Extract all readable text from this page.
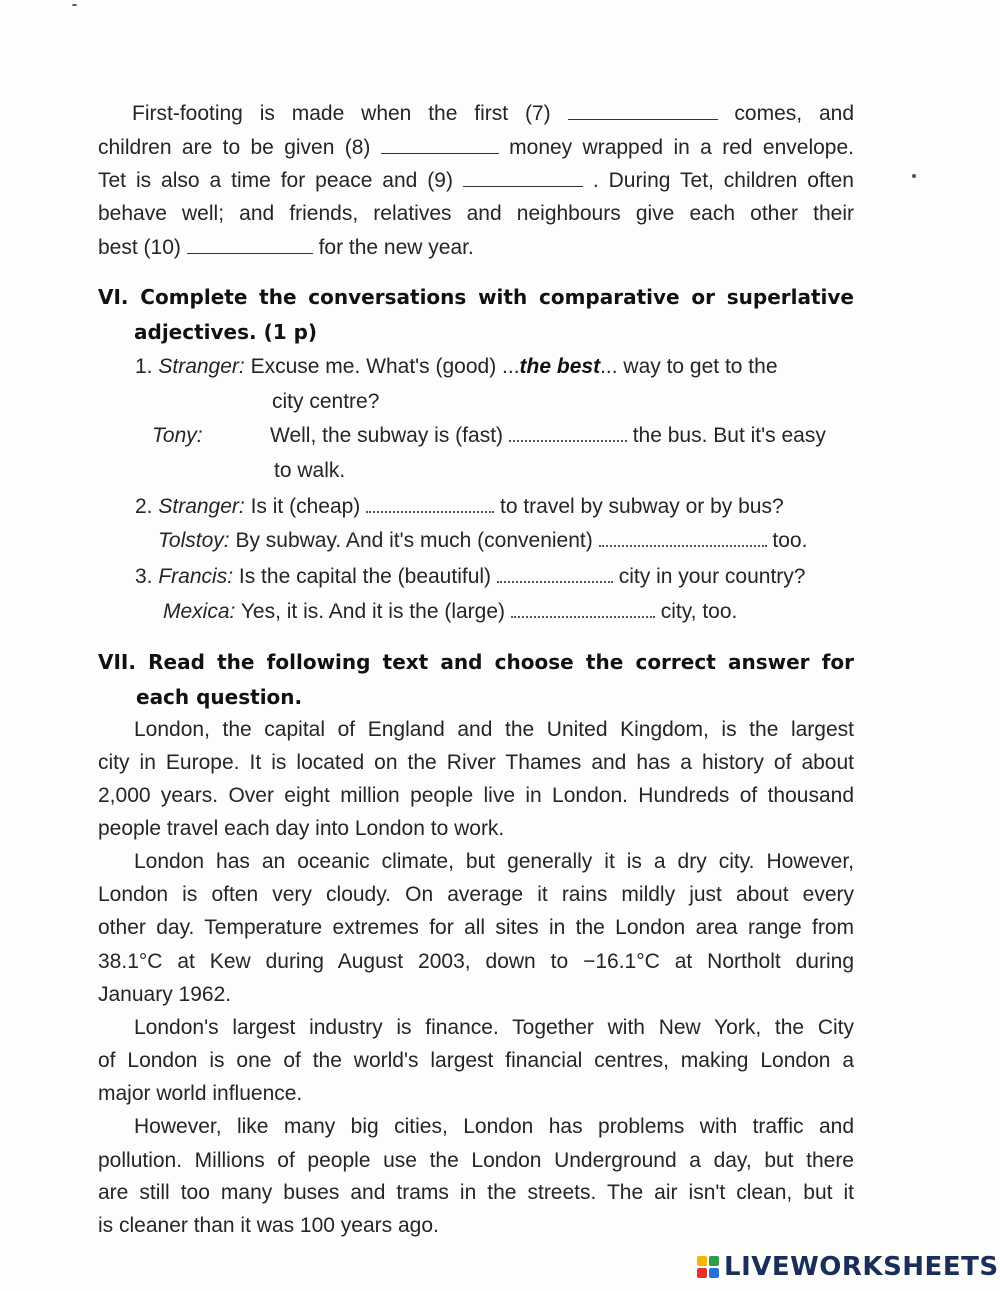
First-footing is made when the first (7)	comes, and
children are to be given (8)	money wrapped in a red envelope.
Tet is also a time for peace and (9)	. During Tet, children often
behave well; and friends, relatives and neighbours give each other their
best (10)	for the new year.
VI. Complete the conversations with comparative or superlative
adjectives. (1 p)
1. Stranger: Excuse me. What's (good) ...the best... way to get to the
city centre?
Tony:	Well, the subway is (fast)	the bus. But it's easy
to walk.
2. Stranger: Is it (cheap)	to travel by subway or by bus?
Tolstoy: By subway. And it's much (convenient)	too.
3. Francis: Is the capital the (beautiful)	city in your country?
Mexica: Yes, it is. And it is the (large)	city, too.
VII. Read the following text and choose the correct answer for
each question.
London, the capital of England and the United Kingdom, is the largest
city in Europe. It is located on the River Thames and has a history of about
2,000 years. Over eight million people live in London. Hundreds of thousand
people travel each day into London to work.
London has an oceanic climate, but generally it is a dry city. However,
London is often very cloudy. On average it rains mildly just about every
other day. Temperature extremes for all sites in the London area range from
38.1°C at Kew during August 2003, down to −16.1°C at Northolt during
January 1962.
London's largest industry is finance. Together with New York, the City
of London is one of the world's largest financial centres, making London a
major world influence.
However, like many big cities, London has problems with traffic and
pollution. Millions of people use the London Underground a day, but there
are still too many buses and trams in the streets. The air isn't clean, but it
is cleaner than it was 100 years ago.
LIVEWORKSHEETS
